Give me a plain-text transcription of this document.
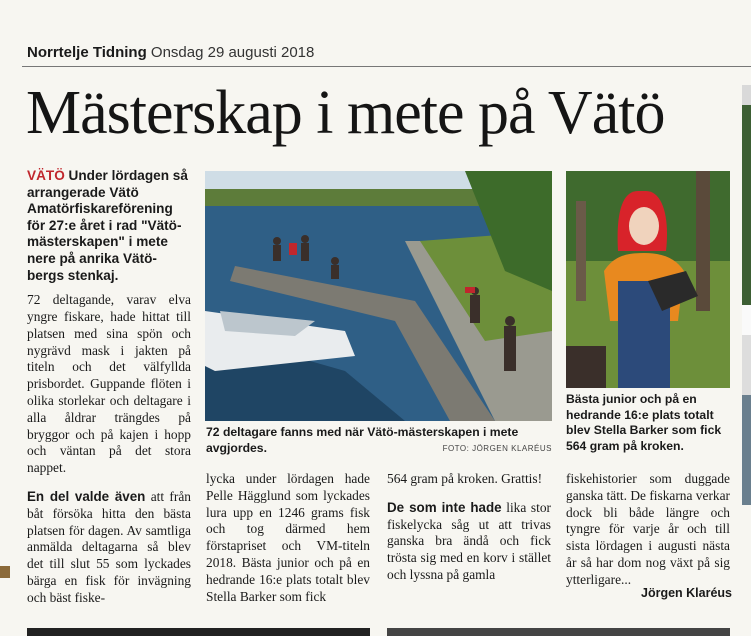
Norrtelje Tidning Onsdag 29 augusti 2018
Mästerskap i mete på Vätö
VÄTÖ Under lördagen så arrangerade Vätö Amatörfiskareförening för 27:e året i rad "Vätö-mästerskapen" i mete nere på anrika Vätö-bergs stenkaj.

72 deltagande, varav elva yngre fiskare, hade hittat till platsen med sina spön och nygrävd mask i jakten på titeln och det välfyllda prisbordet. Guppande flöten i olika storlekar och deltagare i alla åldrar trängdes på bryggor och på kajen i hopp och väntan på det stora nappet.

En del valde även att från båt försöka hitta den bästa platsen för dagen. Av samtliga anmälda deltagarna så blev det till slut 55 som lyckades bärga en fisk för invägning och bäst fiske-

72 deltagare fanns med när Vätö-mästerskapen i mete avgjordes.	FOTO: JÖRGEN KLARÉUS
Bästa junior och på en hedrande 16:e plats totalt blev Stella Barker som fick 564 gram på kroken.
lycka under lördagen hade Pelle Hägglund som lyckades lura upp en 1246 grams fisk och tog därmed hem förstapriset och VM-titeln 2018. Bästa junior och på en hedrande 16:e plats totalt blev Stella Barker som fick

564 gram på kroken. Grattis!

De som inte hade lika stor fiskelycka såg ut att trivas ganska bra ändå och fick trösta sig med en korv i stället och lyssna på gamla

fiskehistorier som duggade ganska tätt. De fiskarna verkar dock bli både längre och tyngre för varje år och till sista lördagen i augusti nästa år så har dom nog växt på sig ytterligare...
Jörgen Klaréus
